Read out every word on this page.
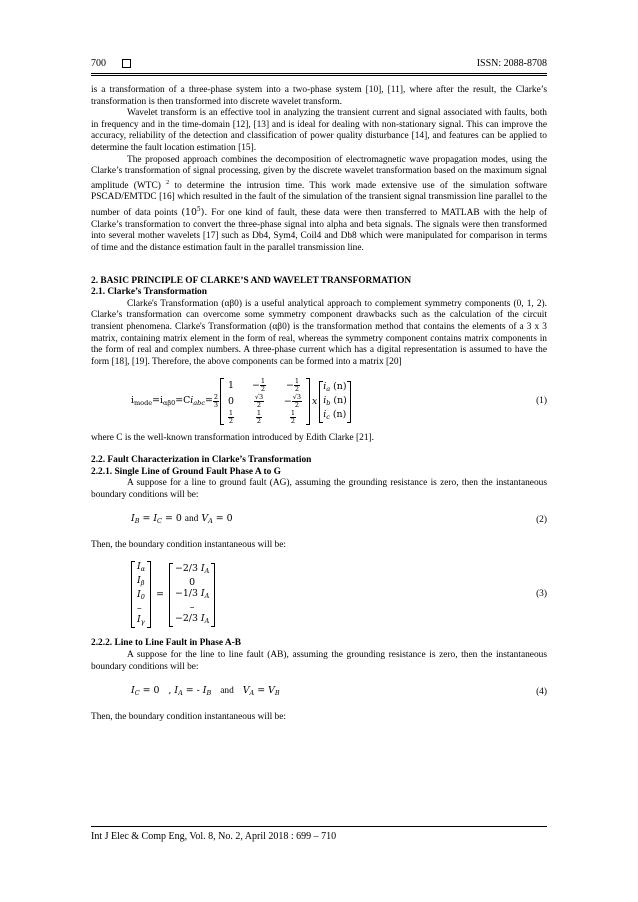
700	ISSN: 2088-8708

is a transformation of a three-phase system into a two-phase system [10], [11], where after the result, the Clarke’s transformation is then transformed into discrete wavelet transform.

Wavelet transform is an effective tool in analyzing the transient current and signal associated with faults, both in frequency and in the time-domain [12], [13] and is ideal for dealing with non-stationary signal. This can improve the accuracy, reliability of the detection and classification of power quality disturbance [14], and features can be applied to determine the fault location estimation [15].

The proposed approach combines the decomposition of electromagnetic wave propagation modes, using the Clarke’s transformation of signal processing, given by the discrete wavelet transformation based on the maximum signal amplitude (WTC) $^2$ to determine the intrusion time. This work made extensive use of the simulation software PSCAD/EMTDC [16] which resulted in the fault of the simulation of the transient signal transmission line parallel to the number of data points $(10^5)$. For one kind of fault, these data were then transferred to MATLAB with the help of Clarke’s transformation to convert the three-phase signal into alpha and beta signals. The signals were then transformed into several mother wavelets [17] such as Db4, Sym4, Coil4 and Db8 which were manipulated for comparison in terms of time and the distance estimation fault in the parallel transmission line.

2. BASIC PRINCIPLE OF CLARKE’S AND WAVELET TRANSFORMATION

2.1. Clarke’s Transformation

Clarke's Transformation (αβ0) is a useful analytical approach to complement symmetry components (0, 1, 2). Clarke’s transformation can overcome some symmetry component drawbacks such as the calculation of the circuit transient phenomena. Clarke's Transformation (αβ0) is the transformation method that contains the elements of a 3 x 3 matrix, containing matrix element in the form of real, whereas the symmetry component contains matrix components in the form of real and complex numbers. A three-phase current which has a digital representation is assumed to have the form [18], [19]. Therefore, the above components can be formed into a matrix [20]

$i_{mode}=i_{\alpha\beta 0}=Ci_{abc}= \frac{2}{3}$
1	− $\frac{1}{2}$	− $\frac{1}{2}$
0	$\frac{√3}{2}$	− $\frac{√3}{2}$
$\frac{1}{2}$	$\frac{1}{2}$	$\frac{1}{2}$
x
$i_a$ (n)
$i_b$ (n)
$i_c$ (n)
(1)

where C is the well-known transformation introduced by Edith Clarke [21].

2.2. Fault Characterization in Clarke’s Transformation

2.2.1. Single Line of Ground Fault Phase A to G

A suppose for a line to ground fault (AG), assuming the grounding resistance is zero, then the instantaneous boundary conditions will be:

$I_B = I_C = 0$ and $V_A = 0$	(2)

Then, the boundary condition instantaneous will be:

$I_\alpha$
$I_\beta$
$I_0$
–
$I_\gamma$
=
−2/3 $I_A$
0
−1/3 $I_A$
–
−2/3 $I_A$
(3)

2.2.2. Line to Line Fault in Phase A-B

A suppose for the line to line fault (AB), assuming the grounding resistance is zero, then the instantaneous boundary conditions will be:

$I_C = 0$   , $I_A$ = - $I_B$ and $V_A = V_B$	(4)

Then, the boundary condition instantaneous will be:

Int J Elec & Comp Eng, Vol. 8, No. 2, April 2018 : 699 – 710
